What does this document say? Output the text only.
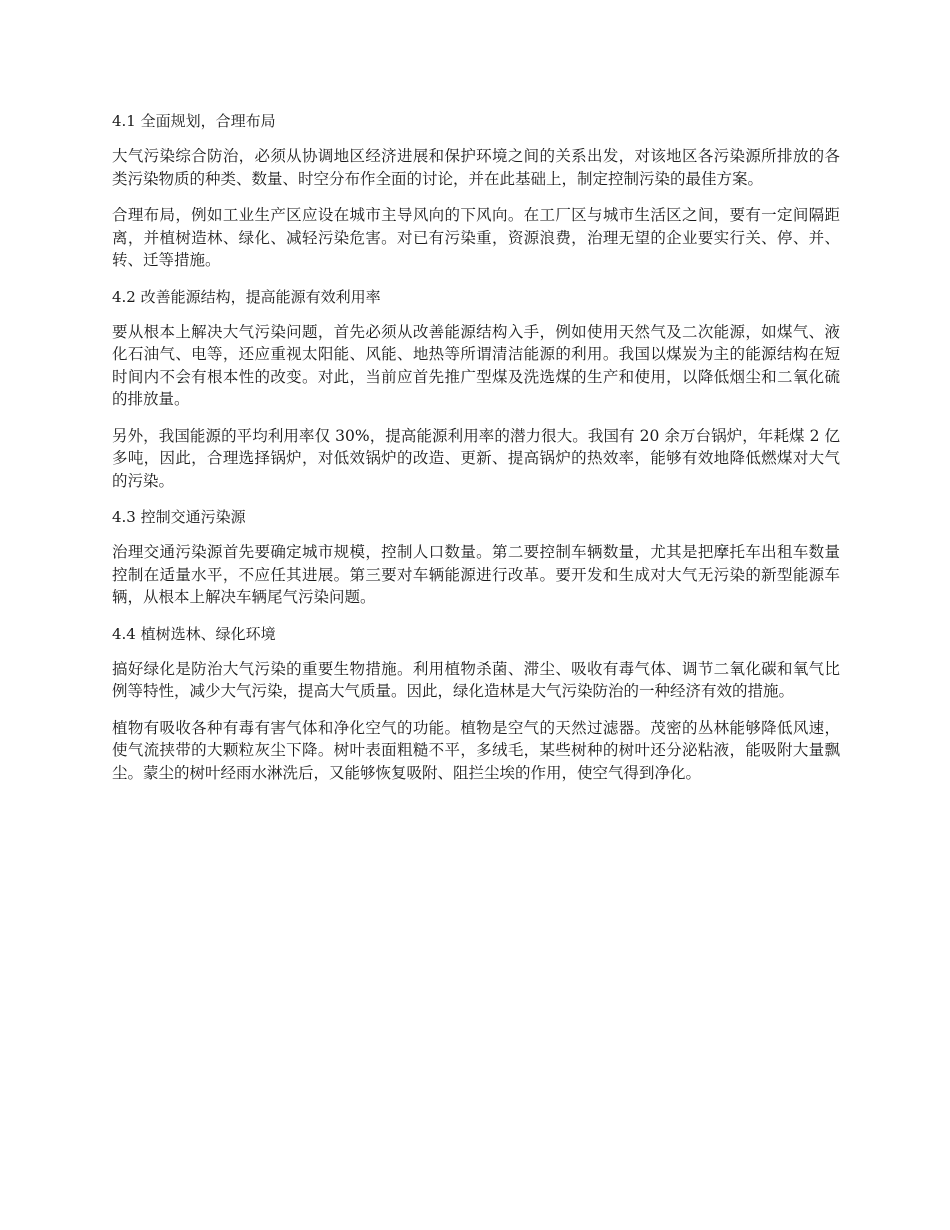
4.1 全面规划，合理布局

大气污染综合防治，必须从协调地区经济进展和保护环境之间的关系出发，对该地区各污染源所排放的各类污染物质的种类、数量、时空分布作全面的讨论，并在此基础上，制定控制污染的最佳方案。

合理布局，例如工业生产区应设在城市主导风向的下风向。在工厂区与城市生活区之间，要有一定间隔距离，并植树造林、绿化、减轻污染危害。对已有污染重，资源浪费，治理无望的企业要实行关、停、并、转、迁等措施。

4.2 改善能源结构，提高能源有效利用率

要从根本上解决大气污染问题，首先必须从改善能源结构入手，例如使用天然气及二次能源，如煤气、液化石油气、电等，还应重视太阳能、风能、地热等所谓清洁能源的利用。我国以煤炭为主的能源结构在短时间内不会有根本性的改变。对此，当前应首先推广型煤及洗选煤的生产和使用，以降低烟尘和二氧化硫的排放量。

另外，我国能源的平均利用率仅 30%，提高能源利用率的潜力很大。我国有 20 余万台锅炉，年耗煤 2 亿多吨，因此，合理选择锅炉，对低效锅炉的改造、更新、提高锅炉的热效率，能够有效地降低燃煤对大气的污染。

4.3 控制交通污染源

治理交通污染源首先要确定城市规模，控制人口数量。第二要控制车辆数量，尤其是把摩托车出租车数量控制在适量水平，不应任其进展。第三要对车辆能源进行改革。要开发和生成对大气无污染的新型能源车辆，从根本上解决车辆尾气污染问题。

4.4 植树选林、绿化环境

搞好绿化是防治大气污染的重要生物措施。利用植物杀菌、滞尘、吸收有毒气体、调节二氧化碳和氧气比例等特性，减少大气污染，提高大气质量。因此，绿化造林是大气污染防治的一种经济有效的措施。

植物有吸收各种有毒有害气体和净化空气的功能。植物是空气的天然过滤器。茂密的丛林能够降低风速，使气流挟带的大颗粒灰尘下降。树叶表面粗糙不平，多绒毛，某些树种的树叶还分泌粘液，能吸附大量飘尘。蒙尘的树叶经雨水淋洗后，又能够恢复吸附、阻拦尘埃的作用，使空气得到净化。
